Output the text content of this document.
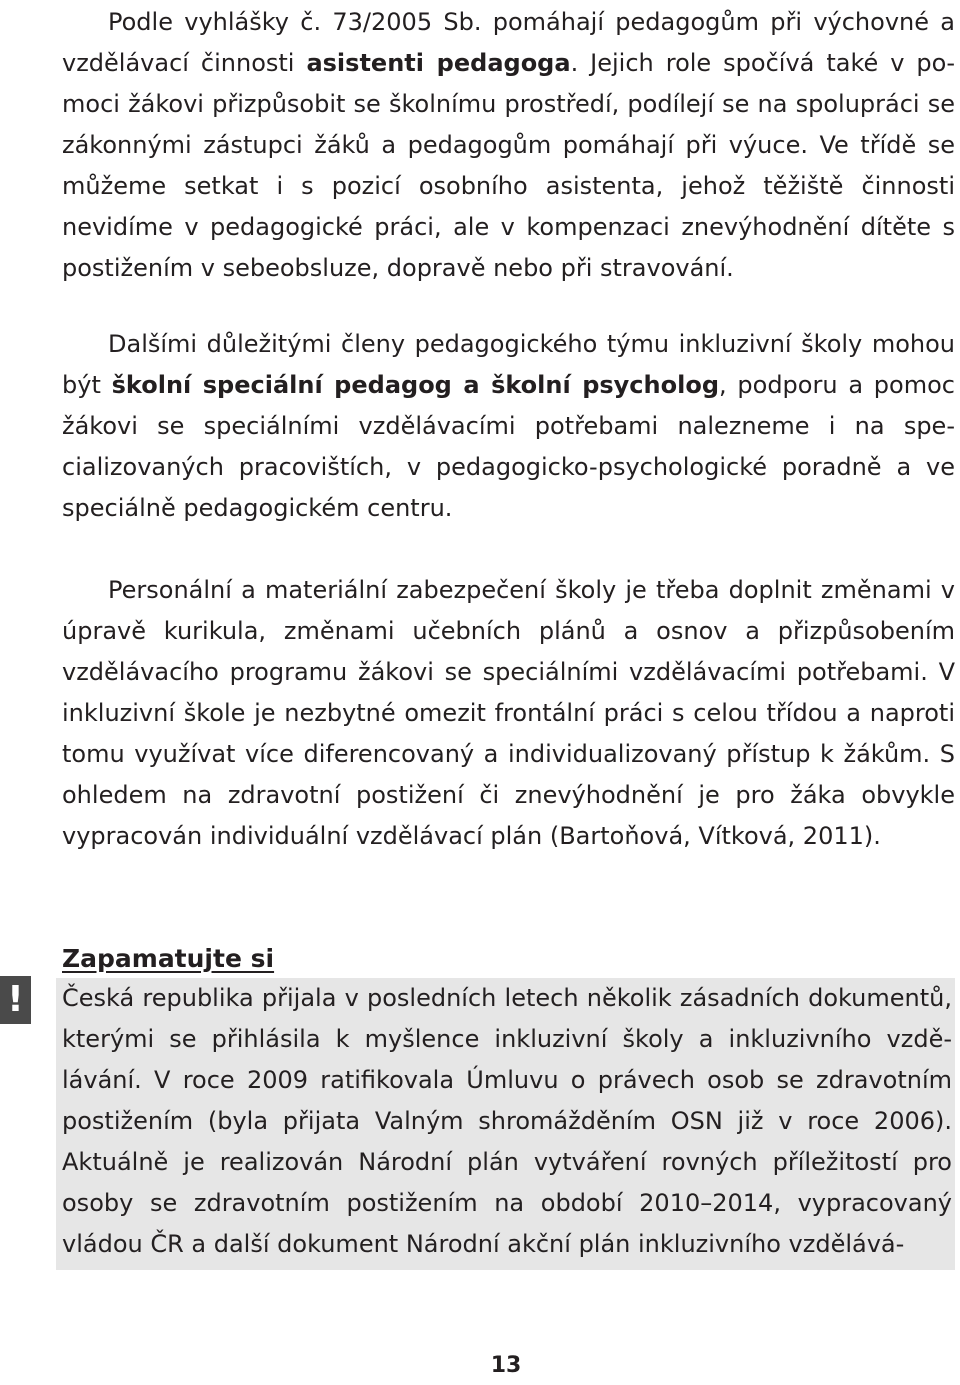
Podle vyhlášky č. 73/2005 Sb. pomáhají pedagogům při výchovné a vzdělávací činnosti asistenti pedagoga. Jejich role spočívá také v pomoci žákovi přizpůsobit se školnímu prostředí, podílejí se na spolupráci se zákonnými zástupci žáků a pedagogům pomáhají při výuce. Ve třídě se můžeme setkat i s pozicí osobního asistenta, jehož těžiště činnosti nevidíme v pedagogické práci, ale v kompenzaci znevýhodnění dítěte s postižením v sebeobsluze, dopravě nebo při stravování.

Dalšími důležitými členy pedagogického týmu inkluzivní školy mohou být školní speciální pedagog a školní psycholog, podporu a pomoc žákovi se speciálními vzdělávacími potřebami nalezneme i na specializovaných pracovištích, v pedagogicko-psychologické poradně a ve speciálně pedagogickém centru.

Personální a materiální zabezpečení školy je třeba doplnit změnami v úpravě kurikula, změnami učebních plánů a osnov a přizpůsobením vzdělávacího programu žákovi se speciálními vzdělávacími potřebami. V inkluzivní škole je nezbytné omezit frontální práci s celou třídou a naproti tomu využívat více diferencovaný a individualizovaný přístup k žákům. S ohledem na zdravotní postižení či znevýhodnění je pro žáka obvykle vypracován individuální vzdělávací plán (Bartoňová, Vítková, 2011).

Zapamatujte si
!	Česká republika přijala v posledních letech několik zásadních dokumentů, kterými se přihlásila k myšlence inkluzivní školy a inkluzivního vzdělávání. V roce 2009 ratifikovala Úmluvu o právech osob se zdravotním postižením (byla přijata Valným shromážděním OSN již v roce 2006). Aktuálně je realizován Národní plán vytváření rovných příležitostí pro osoby se zdravotním postižením na období 2010–2014, vypracovaný vládou ČR a další dokument Národní akční plán inkluzivního vzdělává-

13
